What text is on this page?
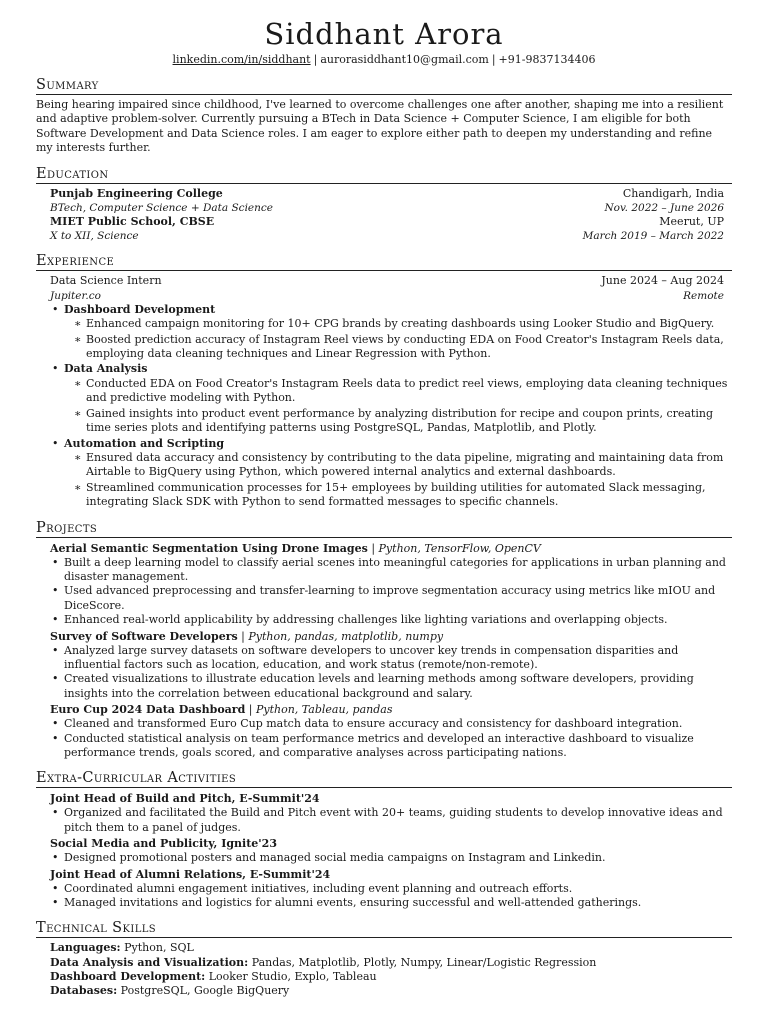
Siddhant Arora
linkedin.com/in/siddhant | aurorasiddhant10@gmail.com | +91-9837134406
Summary
Being hearing impaired since childhood, I've learned to overcome challenges one after another, shaping me into a resilient and adaptive problem-solver. Currently pursuing a BTech in Data Science + Computer Science, I am eligible for both Software Development and Data Science roles. I am eager to explore either path to deepen my understanding and refine my interests further.
Education
Punjab Engineering College	Chandigarh, India
BTech, Computer Science + Data Science	Nov. 2022 – June 2026
MIET Public School, CBSE	Meerut, UP
X to XII, Science	March 2019 – March 2022
Experience
Data Science Intern	June 2024 – Aug 2024
Jupiter.co	Remote
• Dashboard Development
∗ Enhanced campaign monitoring for 10+ CPG brands by creating dashboards using Looker Studio and BigQuery.
∗ Boosted prediction accuracy of Instagram Reel views by conducting EDA on Food Creator's Instagram Reels data, employing data cleaning techniques and Linear Regression with Python.
• Data Analysis
∗ Conducted EDA on Food Creator's Instagram Reels data to predict reel views, employing data cleaning techniques and predictive modeling with Python.
∗ Gained insights into product event performance by analyzing distribution for recipe and coupon prints, creating time series plots and identifying patterns using PostgreSQL, Pandas, Matplotlib, and Plotly.
• Automation and Scripting
∗ Ensured data accuracy and consistency by contributing to the data pipeline, migrating and maintaining data from Airtable to BigQuery using Python, which powered internal analytics and external dashboards.
∗ Streamlined communication processes for 15+ employees by building utilities for automated Slack messaging, integrating Slack SDK with Python to send formatted messages to specific channels.
Projects
Aerial Semantic Segmentation Using Drone Images | Python, TensorFlow, OpenCV
• Built a deep learning model to classify aerial scenes into meaningful categories for applications in urban planning and disaster management.
• Used advanced preprocessing and transfer-learning to improve segmentation accuracy using metrics like mIOU and DiceScore.
• Enhanced real-world applicability by addressing challenges like lighting variations and overlapping objects.
Survey of Software Developers | Python, pandas, matplotlib, numpy
• Analyzed large survey datasets on software developers to uncover key trends in compensation disparities and influential factors such as location, education, and work status (remote/non-remote).
• Created visualizations to illustrate education levels and learning methods among software developers, providing insights into the correlation between educational background and salary.
Euro Cup 2024 Data Dashboard | Python, Tableau, pandas
• Cleaned and transformed Euro Cup match data to ensure accuracy and consistency for dashboard integration.
• Conducted statistical analysis on team performance metrics and developed an interactive dashboard to visualize performance trends, goals scored, and comparative analyses across participating nations.
Extra-Curricular Activities
Joint Head of Build and Pitch, E-Summit'24
• Organized and facilitated the Build and Pitch event with 20+ teams, guiding students to develop innovative ideas and pitch them to a panel of judges.
Social Media and Publicity, Ignite'23
• Designed promotional posters and managed social media campaigns on Instagram and Linkedin.
Joint Head of Alumni Relations, E-Summit'24
• Coordinated alumni engagement initiatives, including event planning and outreach efforts.
• Managed invitations and logistics for alumni events, ensuring successful and well-attended gatherings.
Technical Skills
Languages: Python, SQL
Data Analysis and Visualization: Pandas, Matplotlib, Plotly, Numpy, Linear/Logistic Regression
Dashboard Development: Looker Studio, Explo, Tableau
Databases: PostgreSQL, Google BigQuery
